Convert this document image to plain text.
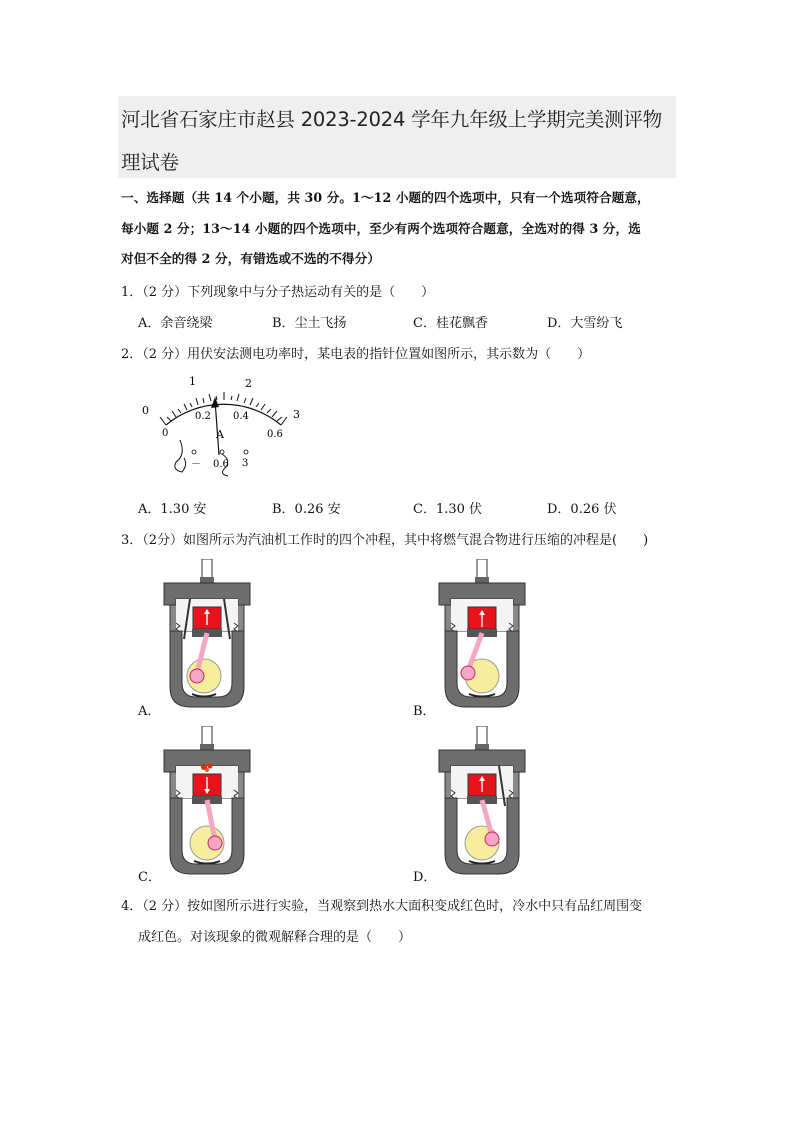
河北省石家庄市赵县 2023-2024 学年九年级上学期完美测评物
理试卷
一、选择题（共 14 个小题，共 30 分。1～12 小题的四个选项中，只有一个选项符合题意，
每小题 2 分；13～14 小题的四个选项中，至少有两个选项符合题意，全选对的得 3 分，选
对但不全的得 2 分，有错选或不选的不得分）
1．（2 分）下列现象中与分子热运动有关的是（　　）
A．余音绕梁	B．尘土飞扬	C．桂花飘香	D．大雪纷飞
2．（2 分）用伏安法测电功率时，某电表的指针位置如图所示，其示数为（　　）
0
1	2
3
0
0.2 0.4
0.6
A
－ 0.6 3
A．1.30 安	B．0.26 安	C．1.30 伏	D．0.26 伏
3．（2分）如图所示为汽油机工作时的四个冲程，其中将燃气混合物进行压缩的冲程是(　　)
A．	B．
C．	D．
4．（2 分）按如图所示进行实验，当观察到热水大面积变成红色时，冷水中只有品红周围变
成红色。对该现象的微观解释合理的是（　　）
